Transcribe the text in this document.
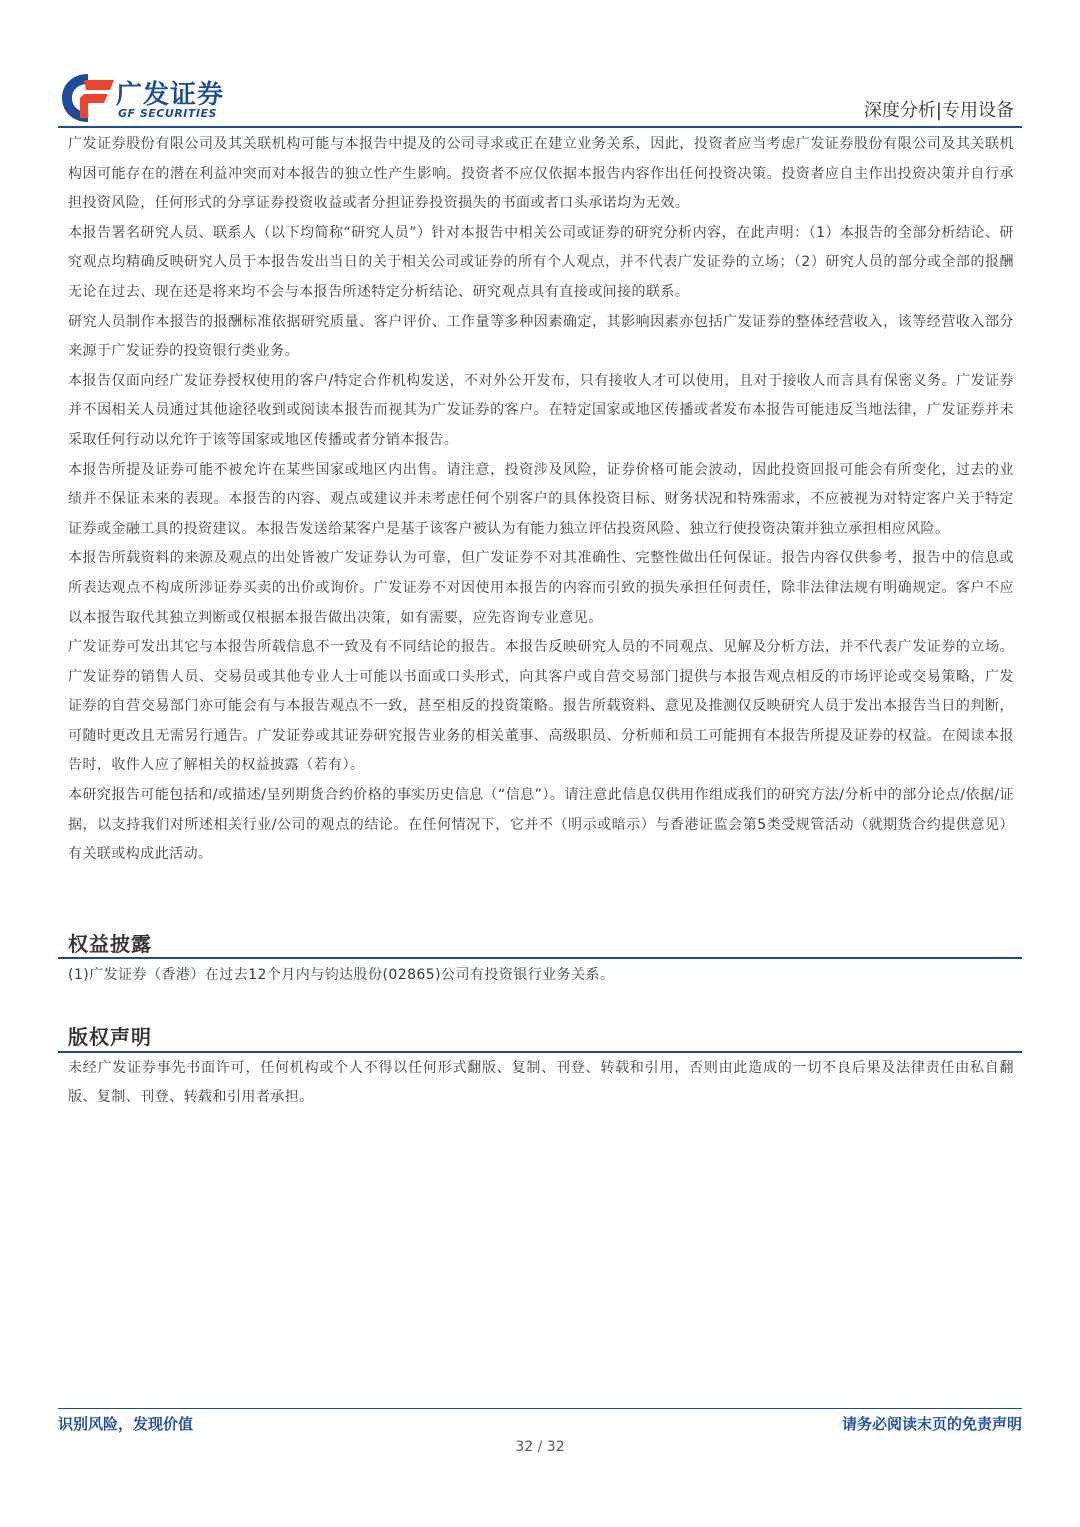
广发证券
GF SECURITIES	深度分析|专用设备

广发证券股份有限公司及其关联机构可能与本报告中提及的公司寻求或正在建立业务关系，因此，投资者应当考虑广发证券股份有限公司及其关联机构因可能存在的潜在利益冲突而对本报告的独立性产生影响。投资者不应仅依据本报告内容作出任何投资决策。投资者应自主作出投资决策并自行承担投资风险，任何形式的分享证券投资收益或者分担证券投资损失的书面或者口头承诺均为无效。

本报告署名研究人员、联系人（以下均简称“研究人员”）针对本报告中相关公司或证券的研究分析内容，在此声明：（1）本报告的全部分析结论、研究观点均精确反映研究人员于本报告发出当日的关于相关公司或证券的所有个人观点，并不代表广发证券的立场；（2）研究人员的部分或全部的报酬无论在过去、现在还是将来均不会与本报告所述特定分析结论、研究观点具有直接或间接的联系。

研究人员制作本报告的报酬标准依据研究质量、客户评价、工作量等多种因素确定，其影响因素亦包括广发证券的整体经营收入，该等经营收入部分来源于广发证券的投资银行类业务。

本报告仅面向经广发证券授权使用的客户/特定合作机构发送，不对外公开发布，只有接收人才可以使用，且对于接收人而言具有保密义务。广发证券并不因相关人员通过其他途径收到或阅读本报告而视其为广发证券的客户。在特定国家或地区传播或者发布本报告可能违反当地法律，广发证券并未采取任何行动以允许于该等国家或地区传播或者分销本报告。

本报告所提及证券可能不被允许在某些国家或地区内出售。请注意，投资涉及风险，证券价格可能会波动，因此投资回报可能会有所变化，过去的业绩并不保证未来的表现。本报告的内容、观点或建议并未考虑任何个别客户的具体投资目标、财务状况和特殊需求，不应被视为对特定客户关于特定证券或金融工具的投资建议。本报告发送给某客户是基于该客户被认为有能力独立评估投资风险、独立行使投资决策并独立承担相应风险。

本报告所载资料的来源及观点的出处皆被广发证券认为可靠，但广发证券不对其准确性、完整性做出任何保证。报告内容仅供参考，报告中的信息或所表达观点不构成所涉证券买卖的出价或询价。广发证券不对因使用本报告的内容而引致的损失承担任何责任，除非法律法规有明确规定。客户不应以本报告取代其独立判断或仅根据本报告做出决策，如有需要，应先咨询专业意见。

广发证券可发出其它与本报告所载信息不一致及有不同结论的报告。本报告反映研究人员的不同观点、见解及分析方法，并不代表广发证券的立场。广发证券的销售人员、交易员或其他专业人士可能以书面或口头形式，向其客户或自营交易部门提供与本报告观点相反的市场评论或交易策略，广发证券的自营交易部门亦可能会有与本报告观点不一致，甚至相反的投资策略。报告所载资料、意见及推测仅反映研究人员于发出本报告当日的判断，可随时更改且无需另行通告。广发证券或其证券研究报告业务的相关董事、高级职员、分析师和员工可能拥有本报告所提及证券的权益。在阅读本报告时，收件人应了解相关的权益披露（若有）。

本研究报告可能包括和/或描述/呈列期货合约价格的事实历史信息（“信息”）。请注意此信息仅供用作组成我们的研究方法/分析中的部分论点/依据/证据，以支持我们对所述相关行业/公司的观点的结论。在任何情况下，它并不（明示或暗示）与香港证监会第5类受规管活动（就期货合约提供意见）有关联或构成此活动。

权益披露
(1)广发证券（香港）在过去12个月内与钧达股份(02865)公司有投资银行业务关系。
版权声明
未经广发证券事先书面许可，任何机构或个人不得以任何形式翻版、复制、刊登、转载和引用，否则由此造成的一切不良后果及法律责任由私自翻版、复制、刊登、转载和引用者承担。
识别风险，发现价值	请务必阅读末页的免责声明
32 / 32
